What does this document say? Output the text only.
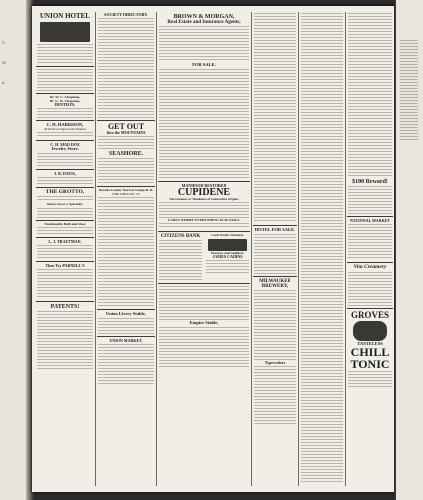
S
W
A
UNION HOTEL
Dr. W. C. Chapman,
Dr. G. W. Chapman,
DENTISTS.
C. H. HARRISON,
All Kinds of Cigars and Tobacco
C. H. MAD DOX
Jewelry Store.
J. R. DAVIS,
THE GROTTO,
Shave Savor a Specialty.
Fashionable Bath and Shoe
L. J. TRAUTMAN,
Then Try PARNELL'S
PATENTS!
SOCIETY DIRECTORY.
GET OUT
Into the MOUNTAINS
SEASHORE.
Nevada County Narrow Gauge R. R.
TIME TABLE NO. 74.
Union Livery Stable,
UNION MARKET,
BROWN & MORGAN,
Real Estate and Insurance Agents,
FOR SALE.
MANHOOD RESTORED
CUPIDENE
Nervousness or Weakness of Generative Organs
CURES WHERE EVERYTHING ELSE FAILS.
CITIZENS BANK	Cash Works Wonders
Harness and Saddlery
JAMES CAIRNS
Empire Stable,
HOTEL FOR SALE.
MILWAUKEE
BREWERY,
Typewriters
$100 Reward!
NATIONAL MARKET
Vim Creamery
GROVES
TASTELESS
CHILL
TONIC
